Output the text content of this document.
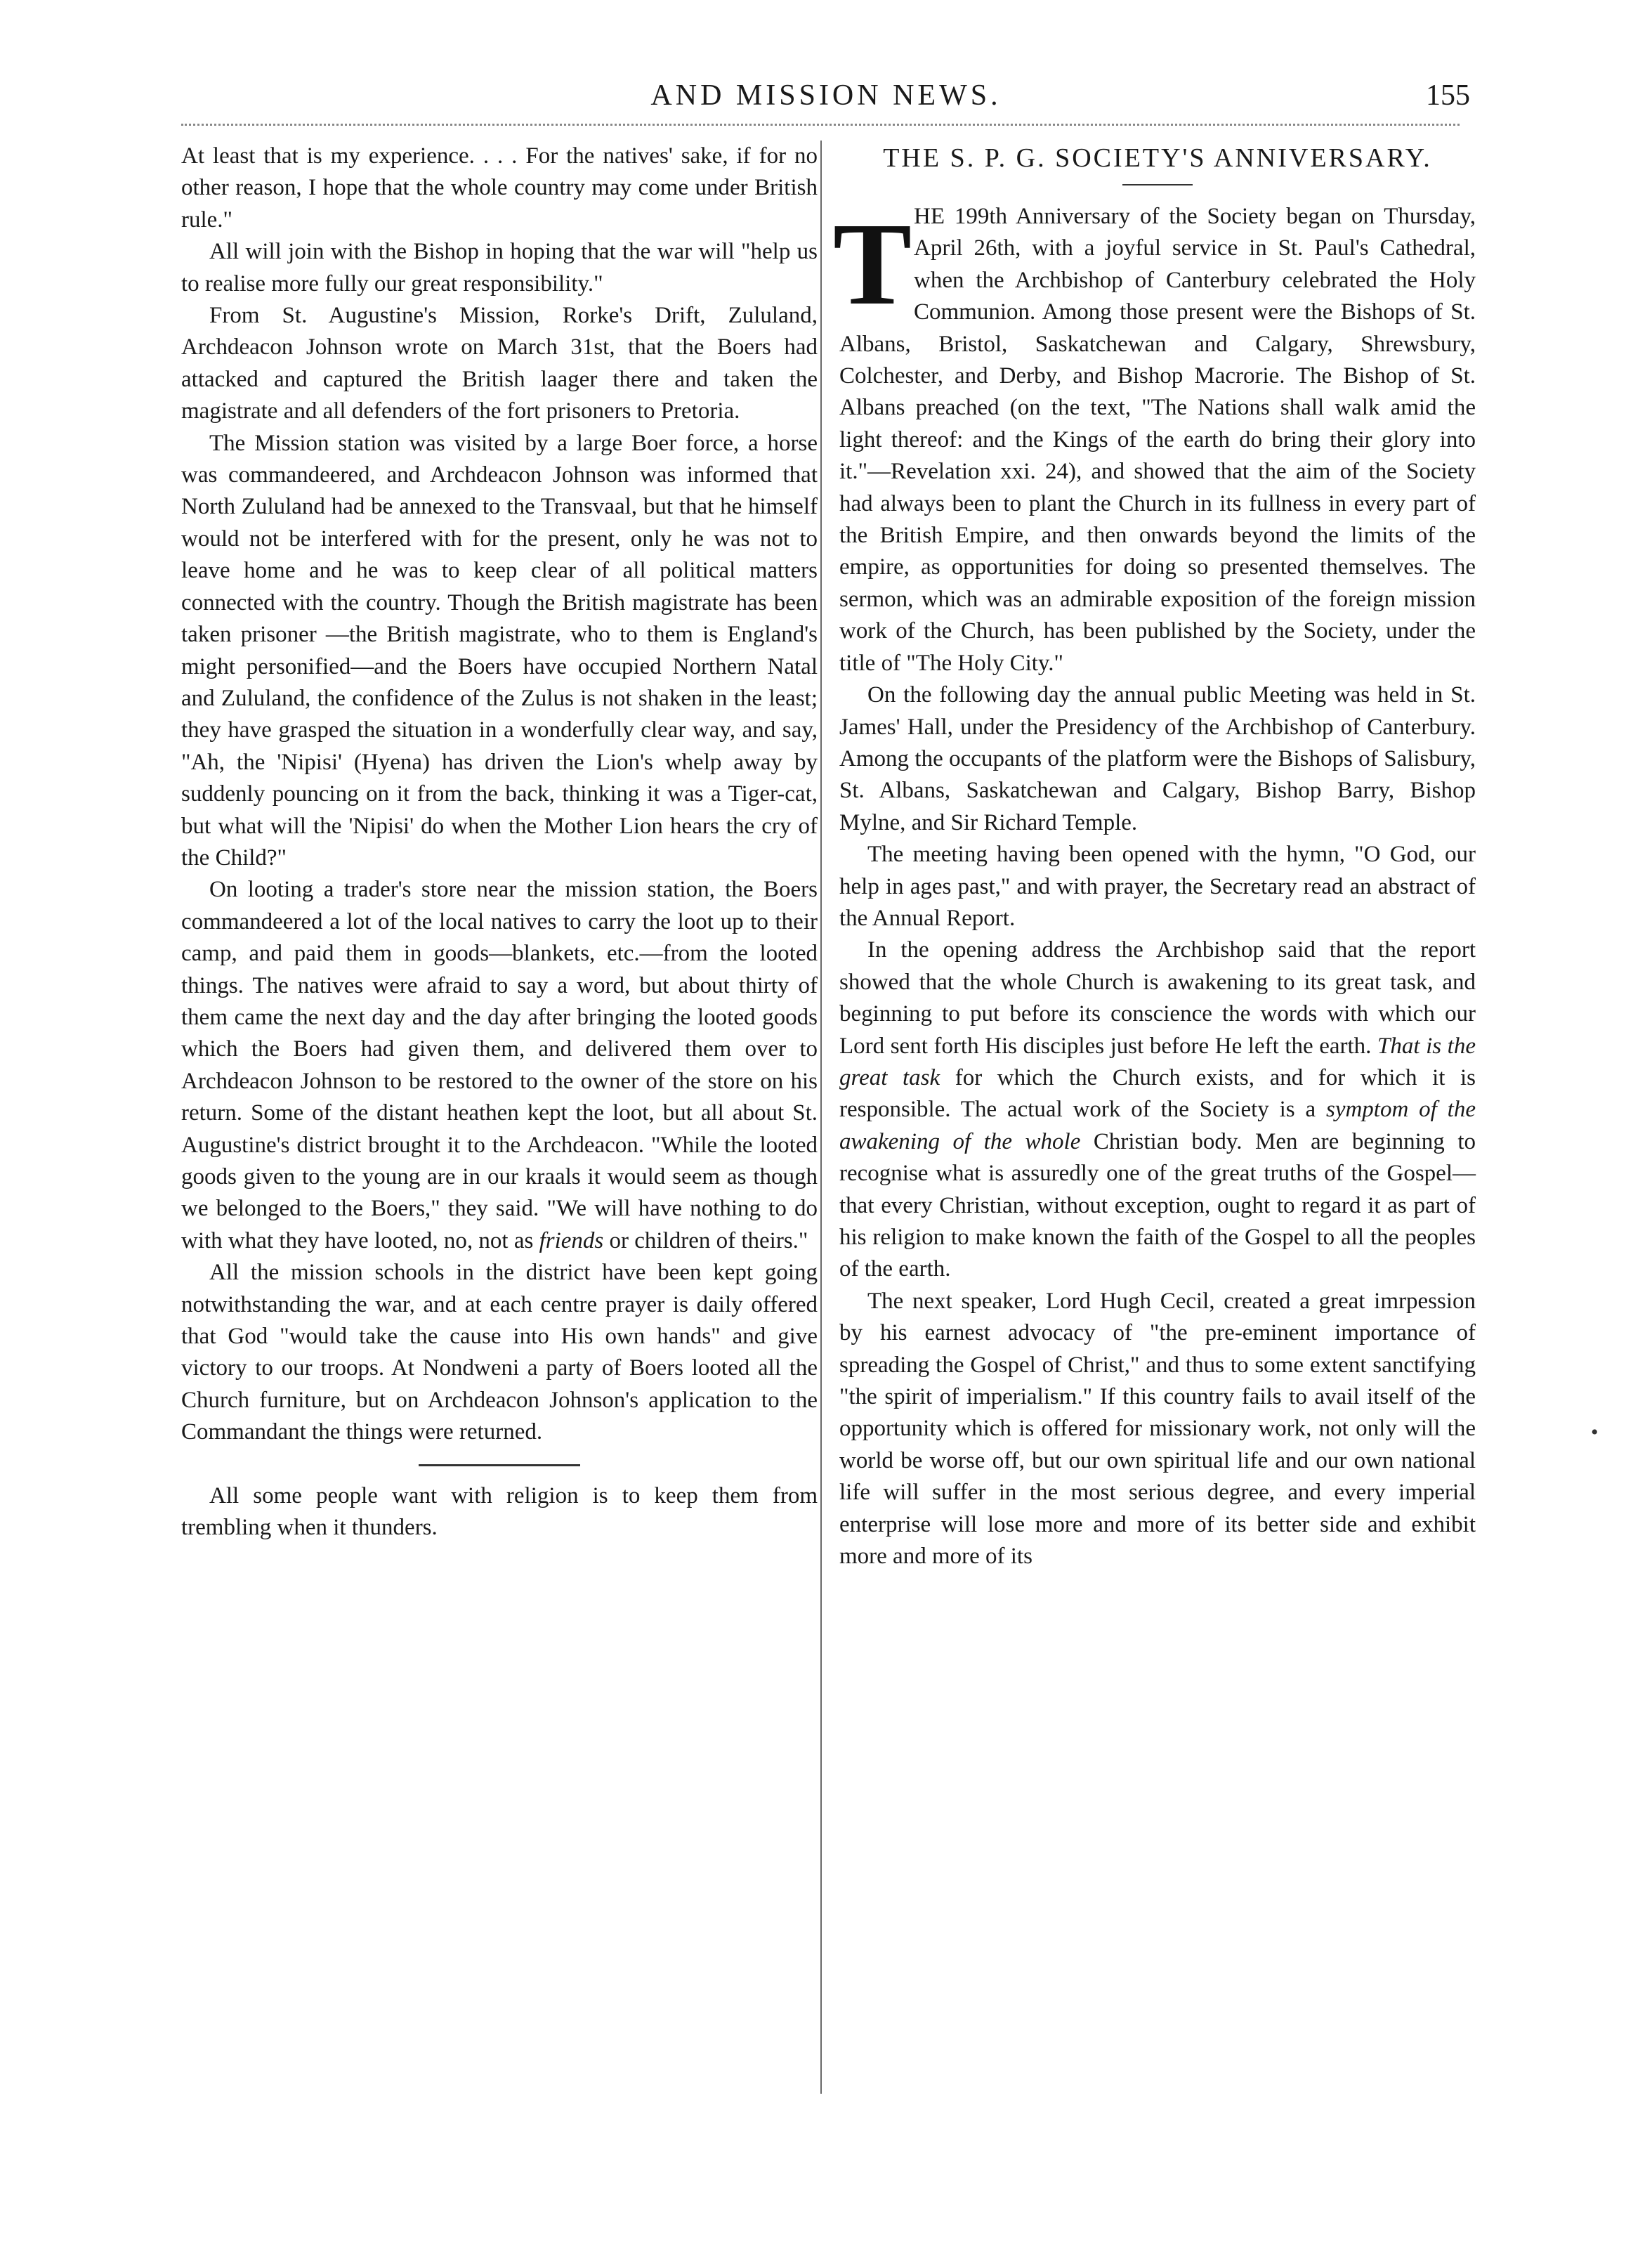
AND MISSION NEWS.	155

At least that is my experience. . . . For the natives' sake, if for no other reason, I hope that the whole country may come under British rule."

All will join with the Bishop in hoping that the war will "help us to realise more fully our great responsibility."

From St. Augustine's Mission, Rorke's Drift, Zululand, Archdeacon Johnson wrote on March 31st, that the Boers had attacked and captured the British laager there and taken the magistrate and all defenders of the fort prisoners to Pretoria.

The Mission station was visited by a large Boer force, a horse was commandeered, and Archdeacon Johnson was informed that North Zululand had be annexed to the Transvaal, but that he himself would not be interfered with for the present, only he was not to leave home and he was to keep clear of all political matters connected with the country. Though the British magistrate has been taken prisoner —the British magistrate, who to them is England's might personified—and the Boers have occupied Northern Natal and Zululand, the confidence of the Zulus is not shaken in the least; they have grasped the situation in a wonderfully clear way, and say, "Ah, the 'Nipisi' (Hyena) has driven the Lion's whelp away by suddenly pouncing on it from the back, thinking it was a Tiger-cat, but what will the 'Nipisi' do when the Mother Lion hears the cry of the Child?"

On looting a trader's store near the mission station, the Boers commandeered a lot of the local natives to carry the loot up to their camp, and paid them in goods—blankets, etc.—from the looted things. The natives were afraid to say a word, but about thirty of them came the next day and the day after bringing the looted goods which the Boers had given them, and delivered them over to Archdeacon Johnson to be restored to the owner of the store on his return. Some of the distant heathen kept the loot, but all about St. Augustine's district brought it to the Archdeacon. "While the looted goods given to the young are in our kraals it would seem as though we belonged to the Boers," they said. "We will have nothing to do with what they have looted, no, not as friends or children of theirs."

All the mission schools in the district have been kept going notwithstanding the war, and at each centre prayer is daily offered that God "would take the cause into His own hands" and give victory to our troops. At Nondweni a party of Boers looted all the Church furniture, but on Archdeacon Johnson's application to the Commandant the things were returned.

All some people want with religion is to keep them from trembling when it thunders.

THE S. P. G. SOCIETY'S ANNIVERSARY.

THE 199th Anniversary of the Society began on Thursday, April 26th, with a joyful service in St. Paul's Cathedral, when the Archbishop of Canterbury celebrated the Holy Communion. Among those present were the Bishops of St. Albans, Bristol, Saskatchewan and Calgary, Shrewsbury, Colchester, and Derby, and Bishop Macrorie. The Bishop of St. Albans preached (on the text, "The Nations shall walk amid the light thereof: and the Kings of the earth do bring their glory into it."—Revelation xxi. 24), and showed that the aim of the Society had always been to plant the Church in its fullness in every part of the British Empire, and then onwards beyond the limits of the empire, as opportunities for doing so presented themselves. The sermon, which was an admirable exposition of the foreign mission work of the Church, has been published by the Society, under the title of "The Holy City."

On the following day the annual public Meeting was held in St. James' Hall, under the Presidency of the Archbishop of Canterbury. Among the occupants of the platform were the Bishops of Salisbury, St. Albans, Saskatchewan and Calgary, Bishop Barry, Bishop Mylne, and Sir Richard Temple.

The meeting having been opened with the hymn, "O God, our help in ages past," and with prayer, the Secretary read an abstract of the Annual Report.

In the opening address the Archbishop said that the report showed that the whole Church is awakening to its great task, and beginning to put before its conscience the words with which our Lord sent forth His disciples just before He left the earth. That is the great task for which the Church exists, and for which it is responsible. The actual work of the Society is a symptom of the awakening of the whole Christian body. Men are beginning to recognise what is assuredly one of the great truths of the Gospel—that every Christian, without exception, ought to regard it as part of his religion to make known the faith of the Gospel to all the peoples of the earth.

The next speaker, Lord Hugh Cecil, created a great imrpession by his earnest advocacy of "the pre-eminent importance of spreading the Gospel of Christ," and thus to some extent sanctifying "the spirit of imperialism." If this country fails to avail itself of the opportunity which is offered for missionary work, not only will the world be worse off, but our own spiritual life and our own national life will suffer in the most serious degree, and every imperial enterprise will lose more and more of its better side and exhibit more and more of its

•
